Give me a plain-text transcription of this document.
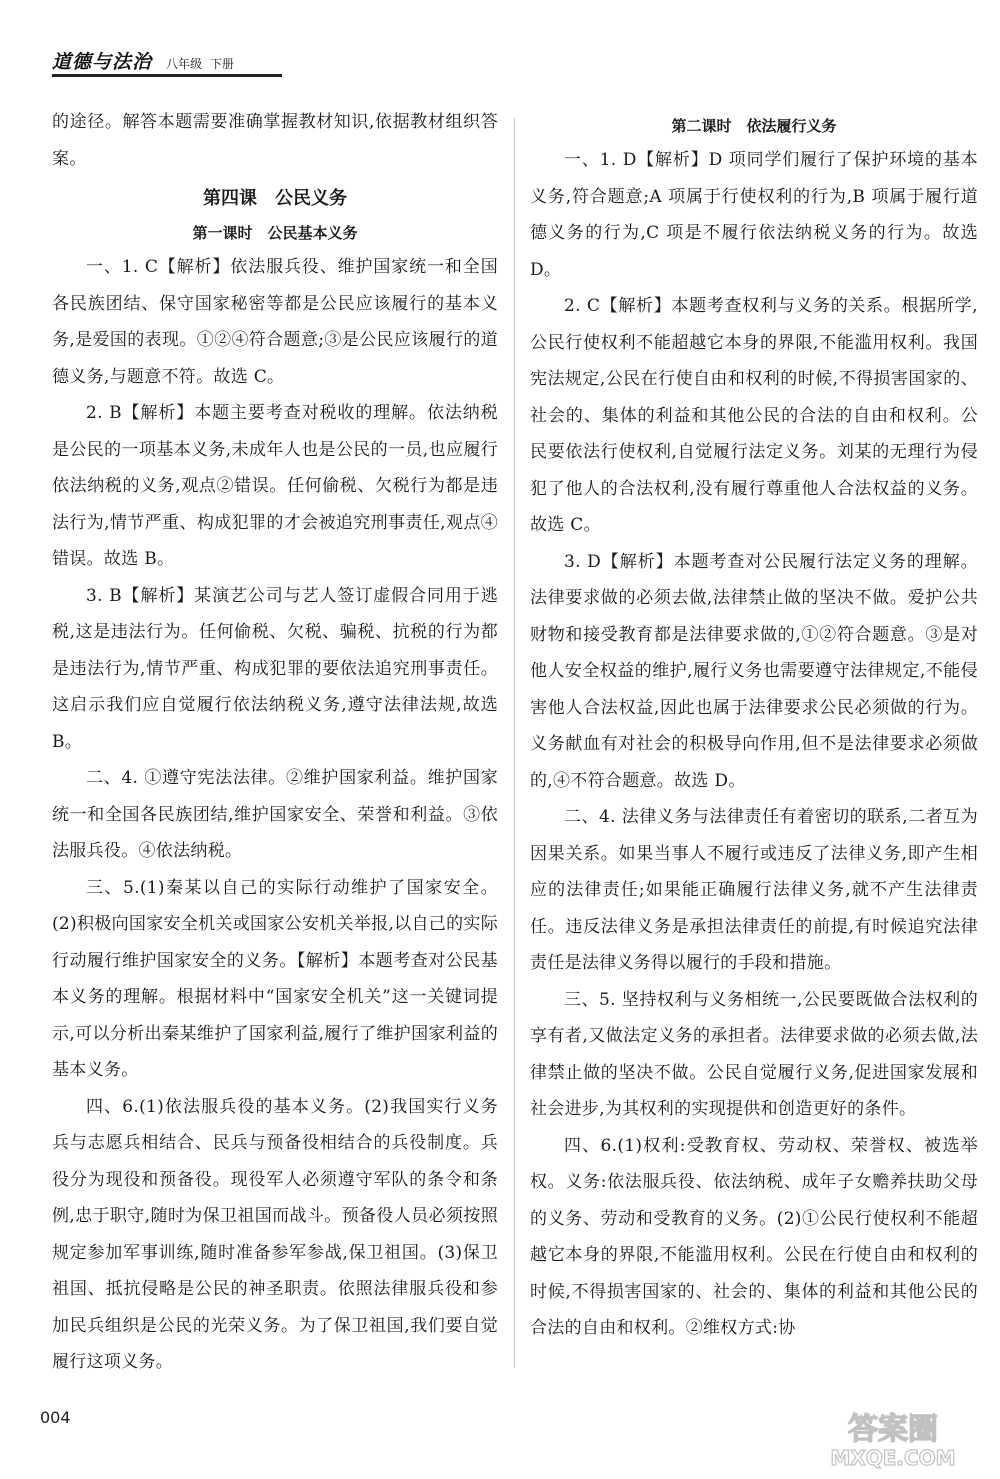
道德与法治	八年级 下册

的途径。解答本题需要准确掌握教材知识,依据教材组织答案。

第四课　公民义务
第一课时　公民基本义务

一、1. C【解析】依法服兵役、维护国家统一和全国各民族团结、保守国家秘密等都是公民应该履行的基本义务,是爱国的表现。①②④符合题意;③是公民应该履行的道德义务,与题意不符。故选 C。

2. B【解析】本题主要考查对税收的理解。依法纳税是公民的一项基本义务,未成年人也是公民的一员,也应履行依法纳税的义务,观点②错误。任何偷税、欠税行为都是违法行为,情节严重、构成犯罪的才会被追究刑事责任,观点④错误。故选 B。

3. B【解析】某演艺公司与艺人签订虚假合同用于逃税,这是违法行为。任何偷税、欠税、骗税、抗税的行为都是违法行为,情节严重、构成犯罪的要依法追究刑事责任。这启示我们应自觉履行依法纳税义务,遵守法律法规,故选 B。

二、4. ①遵守宪法法律。②维护国家利益。维护国家统一和全国各民族团结,维护国家安全、荣誉和利益。③依法服兵役。④依法纳税。

三、5.(1)秦某以自己的实际行动维护了国家安全。(2)积极向国家安全机关或国家公安机关举报,以自己的实际行动履行维护国家安全的义务。【解析】本题考查对公民基本义务的理解。根据材料中“国家安全机关”这一关键词提示,可以分析出秦某维护了国家利益,履行了维护国家利益的基本义务。

四、6.(1)依法服兵役的基本义务。(2)我国实行义务兵与志愿兵相结合、民兵与预备役相结合的兵役制度。兵役分为现役和预备役。现役军人必须遵守军队的条令和条例,忠于职守,随时为保卫祖国而战斗。预备役人员必须按照规定参加军事训练,随时准备参军参战,保卫祖国。(3)保卫祖国、抵抗侵略是公民的神圣职责。依照法律服兵役和参加民兵组织是公民的光荣义务。为了保卫祖国,我们要自觉履行这项义务。

第二课时　依法履行义务

一、1. D【解析】D 项同学们履行了保护环境的基本义务,符合题意;A 项属于行使权利的行为,B 项属于履行道德义务的行为,C 项是不履行依法纳税义务的行为。故选 D。

2. C【解析】本题考查权利与义务的关系。根据所学,公民行使权利不能超越它本身的界限,不能滥用权利。我国宪法规定,公民在行使自由和权利的时候,不得损害国家的、社会的、集体的利益和其他公民的合法的自由和权利。公民要依法行使权利,自觉履行法定义务。刘某的无理行为侵犯了他人的合法权利,没有履行尊重他人合法权益的义务。故选 C。

3. D【解析】本题考查对公民履行法定义务的理解。法律要求做的必须去做,法律禁止做的坚决不做。爱护公共财物和接受教育都是法律要求做的,①②符合题意。③是对他人安全权益的维护,履行义务也需要遵守法律规定,不能侵害他人合法权益,因此也属于法律要求公民必须做的行为。义务献血有对社会的积极导向作用,但不是法律要求必须做的,④不符合题意。故选 D。

二、4. 法律义务与法律责任有着密切的联系,二者互为因果关系。如果当事人不履行或违反了法律义务,即产生相应的法律责任;如果能正确履行法律义务,就不产生法律责任。违反法律义务是承担法律责任的前提,有时候追究法律责任是法律义务得以履行的手段和措施。

三、5. 坚持权利与义务相统一,公民要既做合法权利的享有者,又做法定义务的承担者。法律要求做的必须去做,法律禁止做的坚决不做。公民自觉履行义务,促进国家发展和社会进步,为其权利的实现提供和创造更好的条件。

四、6.(1)权利:受教育权、劳动权、荣誉权、被选举权。义务:依法服兵役、依法纳税、成年子女赡养扶助父母的义务、劳动和受教育的义务。(2)①公民行使权利不能超越它本身的界限,不能滥用权利。公民在行使自由和权利的时候,不得损害国家的、社会的、集体的利益和其他公民的合法的自由和权利。②维权方式:协

004	答案圈
MXQE.COM
